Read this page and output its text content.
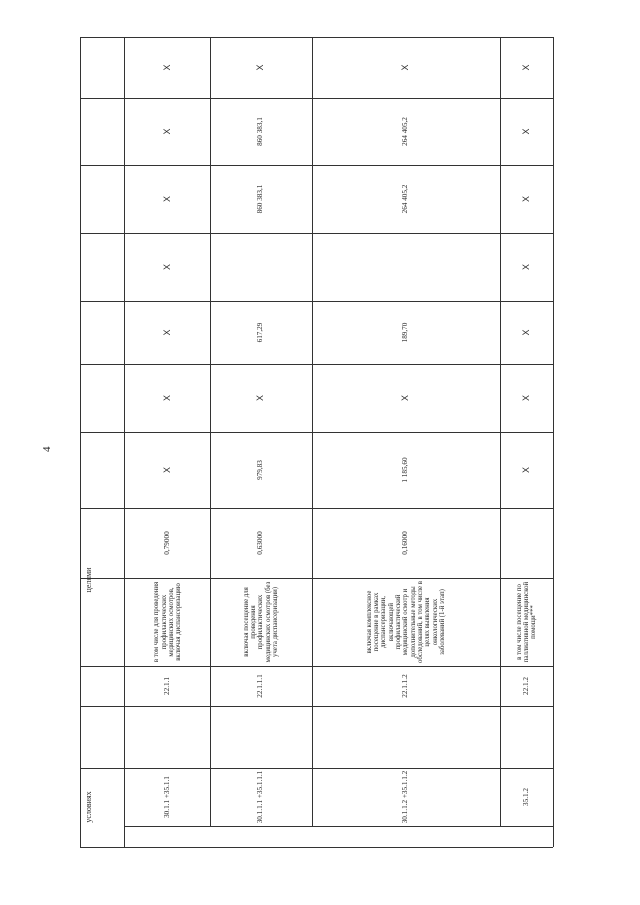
4
условиях
целями
30.1.1 +35.1.1
22.1.1
в том числе для проведения профилактических медицинских осмотров, включая диспансеризацию
0,79000
X
X
X
X
X
X
X
30.1.1.1 +35.1.1.1
22.1.1.1
включая посещение для проведения профилактических медицинских осмотров (без учета диспансеризации)
0,63000
979,83
X
617,29
860 383,1
860 383,1
X
30.1.1.2 +35.1.1.2
22.1.1.2
включая комплексное посещение в рамках диспансеризации, включающей профилактический медицинский осмотр и дополнительные методы обследований, в том числе в целях выявления онкологических заболеваний (1-й этап)
0,16000
1 185,60
X
189,70
264 405,2
264 405,2
X
35.1.2
22.1.2
в том числе посещение по паллиативной медицинской помощи***
X
X
X
X
X
X
X
